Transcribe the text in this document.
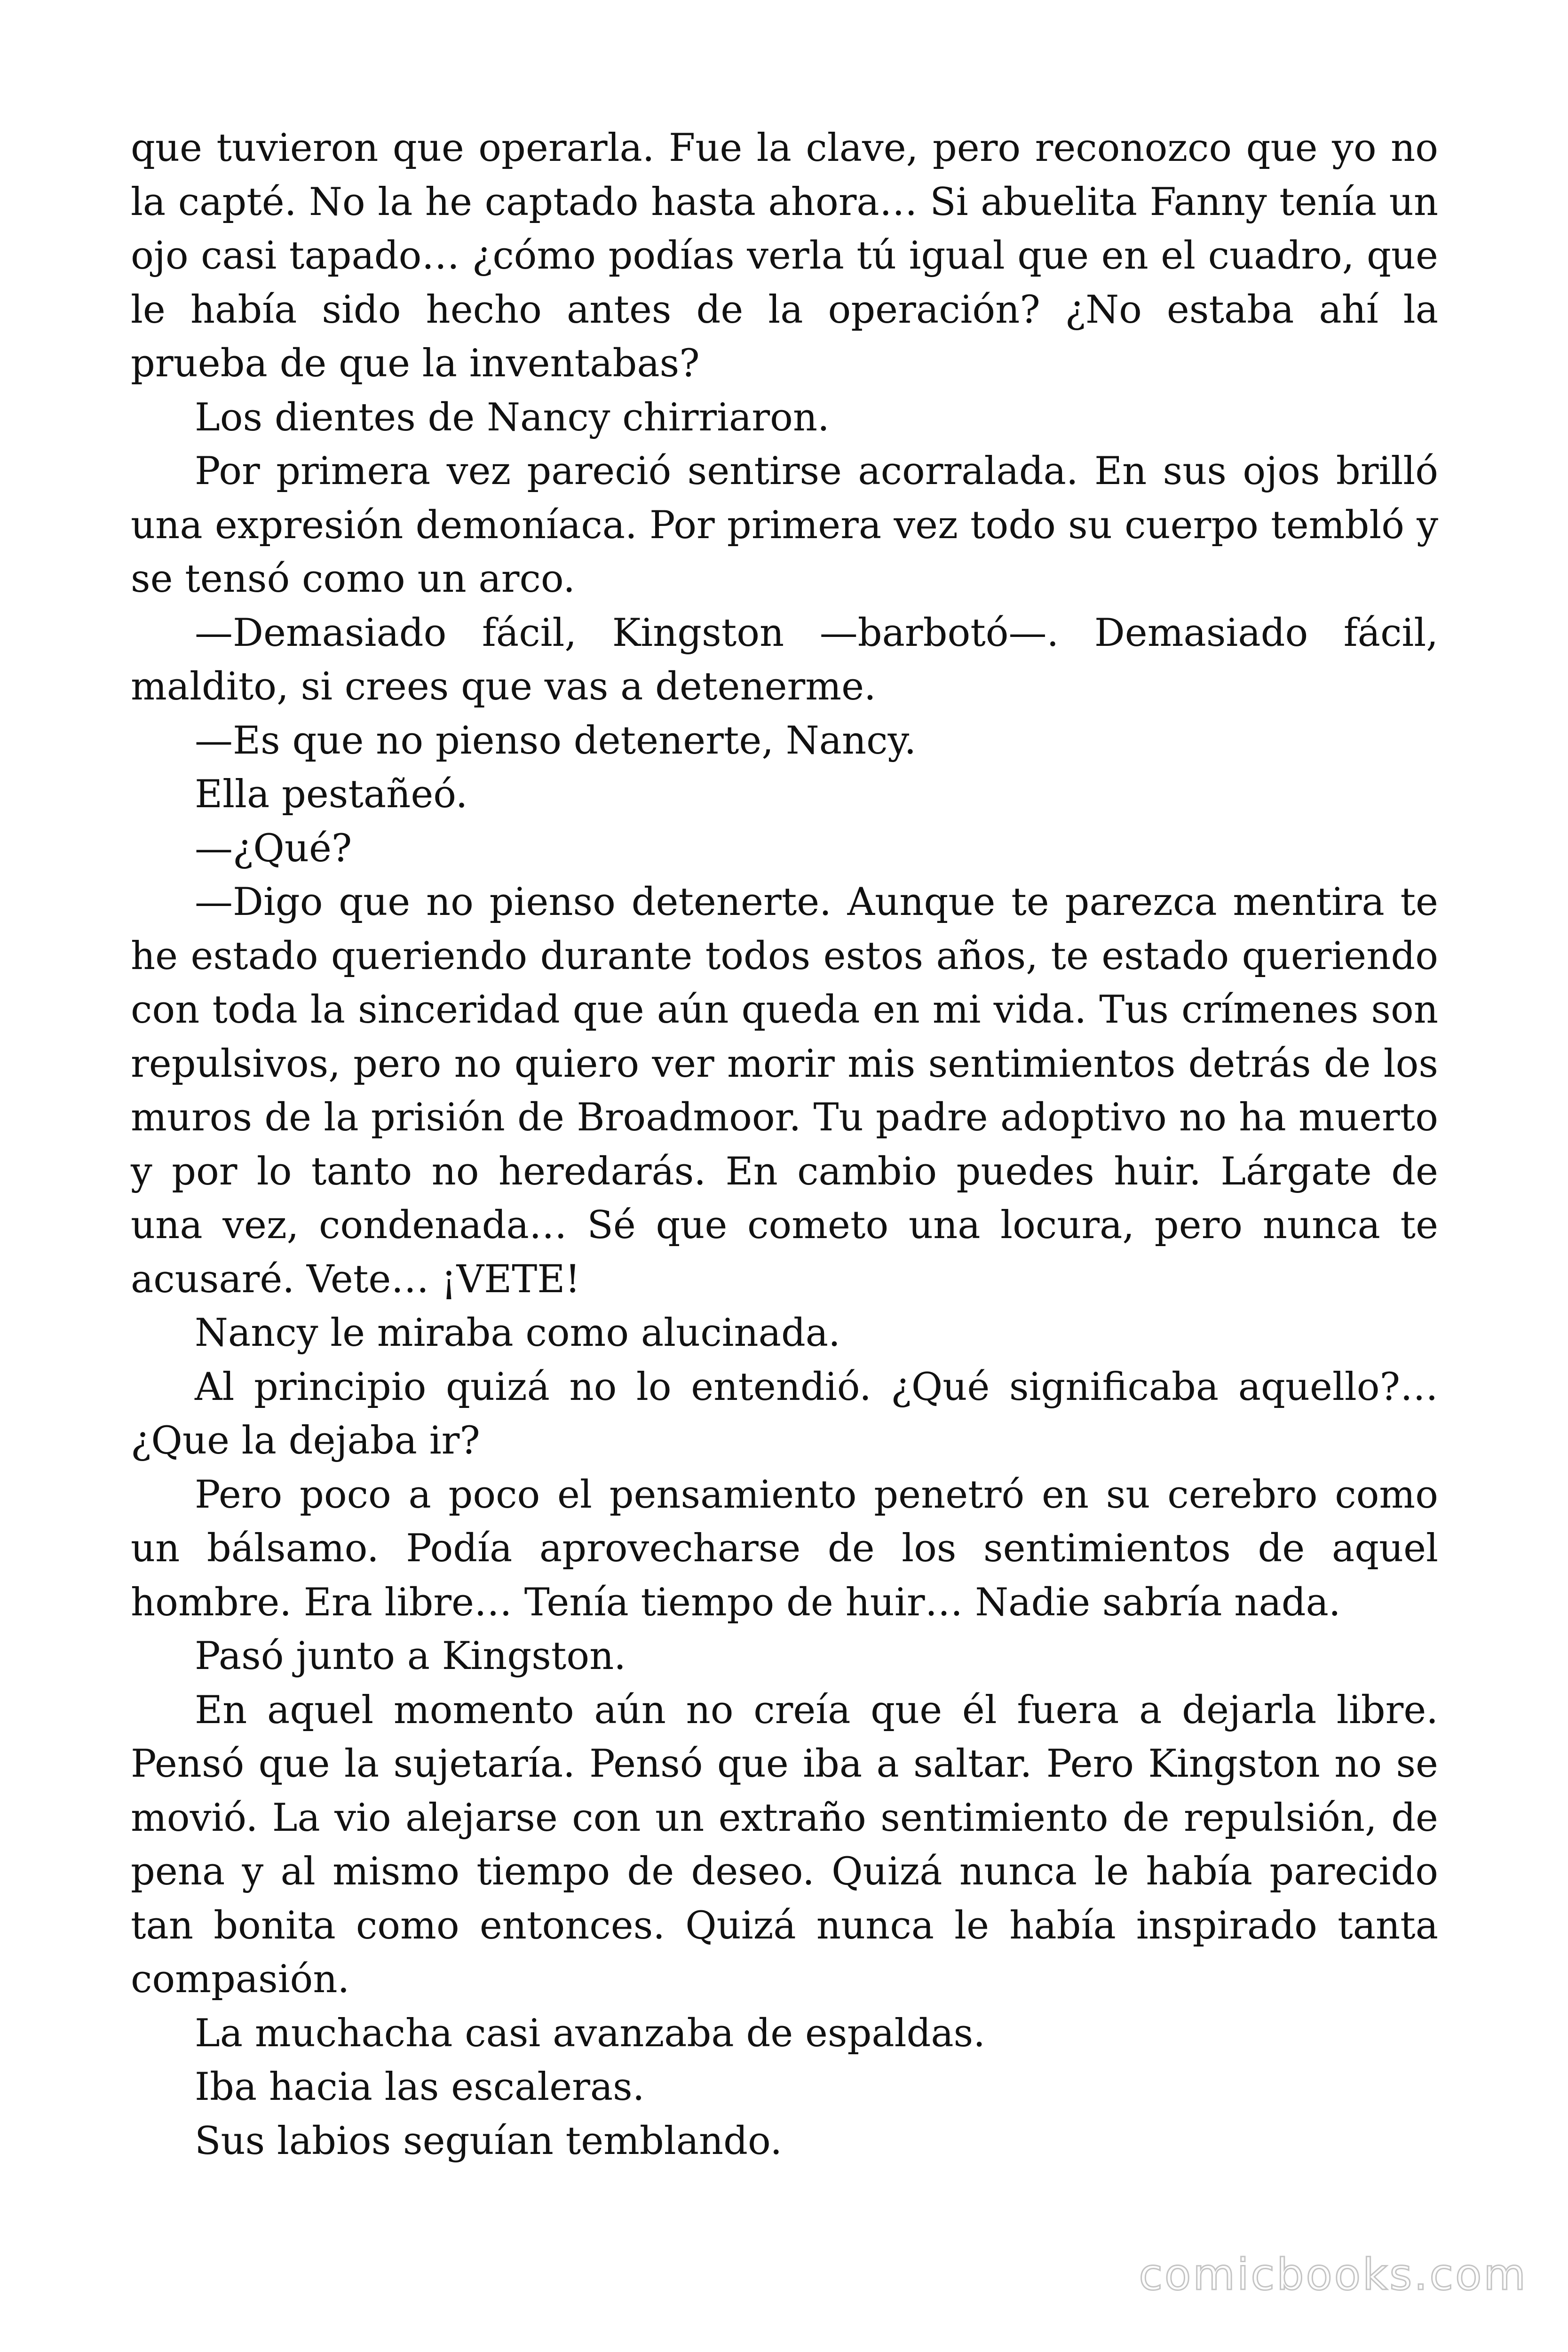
que tuvieron que operarla. Fue la clave, pero reconozco que yo no la capté. No la he captado hasta ahora… Si abuelita Fanny tenía un ojo casi tapado… ¿cómo podías verla tú igual que en el cuadro, que le había sido hecho antes de la operación? ¿No estaba ahí la prueba de que la inventabas?

Los dientes de Nancy chirriaron.

Por primera vez pareció sentirse acorralada. En sus ojos brilló una expresión demoníaca. Por primera vez todo su cuerpo tembló y se tensó como un arco.

—Demasiado fácil, Kingston —barbotó—. Demasiado fácil, maldito, si crees que vas a detenerme.

—Es que no pienso detenerte, Nancy.

Ella pestañeó.

—¿Qué?

—Digo que no pienso detenerte. Aunque te parezca mentira te he estado queriendo durante todos estos años, te estado queriendo con toda la sinceridad que aún queda en mi vida. Tus crímenes son repulsivos, pero no quiero ver morir mis sentimientos detrás de los muros de la prisión de Broadmoor. Tu padre adoptivo no ha muerto y por lo tanto no heredarás. En cambio puedes huir. Lárgate de una vez, condenada… Sé que cometo una locura, pero nunca te acusaré. Vete… ¡VETE!

Nancy le miraba como alucinada.

Al principio quizá no lo entendió. ¿Qué significaba aquello?… ¿Que la dejaba ir?

Pero poco a poco el pensamiento penetró en su cerebro como un bálsamo. Podía aprovecharse de los sentimientos de aquel hombre. Era libre… Tenía tiempo de huir… Nadie sabría nada.

Pasó junto a Kingston.

En aquel momento aún no creía que él fuera a dejarla libre. Pensó que la sujetaría. Pensó que iba a saltar. Pero Kingston no se movió. La vio alejarse con un extraño sentimiento de repulsión, de pena y al mismo tiempo de deseo. Quizá nunca le había parecido tan bonita como entonces. Quizá nunca le había inspirado tanta compasión.

La muchacha casi avanzaba de espaldas.

Iba hacia las escaleras.

Sus labios seguían temblando.

comicbooks.com
